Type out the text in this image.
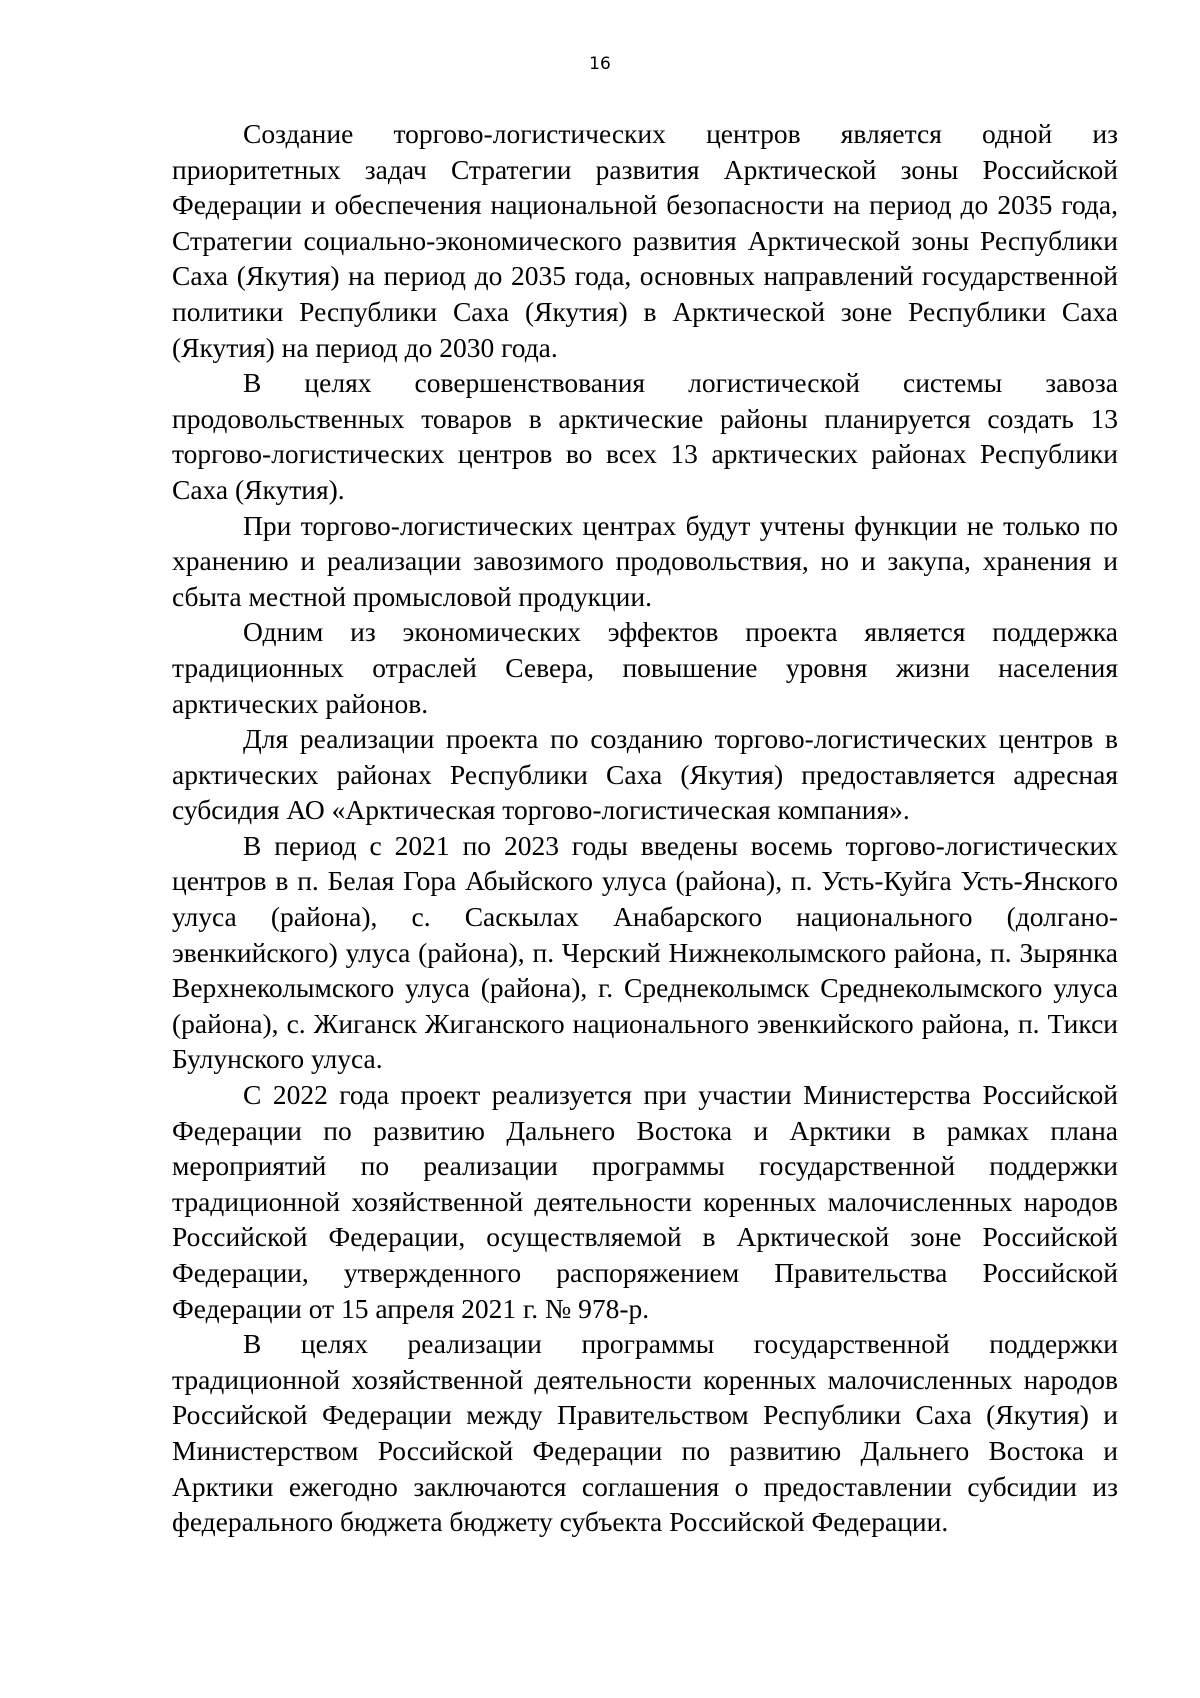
16

Создание торгово-логистических центров является одной из приоритетных задач Стратегии развития Арктической зоны Российской Федерации и обеспечения национальной безопасности на период до 2035 года, Стратегии социально-экономического развития Арктической зоны Республики Саха (Якутия) на период до 2035 года, основных направлений государственной политики Республики Саха (Якутия) в Арктической зоне Республики Саха (Якутия) на период до 2030 года.

В целях совершенствования логистической системы завоза продовольственных товаров в арктические районы планируется создать 13 торгово-логистических центров во всех 13 арктических районах Республики Саха (Якутия).

При торгово-логистических центрах будут учтены функции не только по хранению и реализации завозимого продовольствия, но и закупа, хранения и сбыта местной промысловой продукции.

Одним из экономических эффектов проекта является поддержка традиционных отраслей Севера, повышение уровня жизни населения арктических районов.

Для реализации проекта по созданию торгово-логистических центров в арктических районах Республики Саха (Якутия) предоставляется адресная субсидия АО «Арктическая торгово-логистическая компания».

В период с 2021 по 2023 годы введены восемь торгово-логистических центров в п. Белая Гора Абыйского улуса (района), п. Усть-Куйга Усть-Янского улуса (района), с. Саскылах Анабарского национального (долгано-эвенкийского) улуса (района), п. Черский Нижнеколымского района, п. Зырянка Верхнеколымского улуса (района), г. Среднеколымск Среднеколымского улуса (района), с. Жиганск Жиганского национального эвенкийского района, п. Тикси Булунского улуса.

С 2022 года проект реализуется при участии Министерства Российской Федерации по развитию Дальнего Востока и Арктики в рамках плана мероприятий по реализации программы государственной поддержки традиционной хозяйственной деятельности коренных малочисленных народов Российской Федерации, осуществляемой в Арктической зоне Российской Федерации, утвержденного распоряжением Правительства Российской Федерации от 15 апреля 2021 г. № 978-р.

В целях реализации программы государственной поддержки традиционной хозяйственной деятельности коренных малочисленных народов Российской Федерации между Правительством Республики Саха (Якутия) и Министерством Российской Федерации по развитию Дальнего Востока и Арктики ежегодно заключаются соглашения о предоставлении субсидии из федерального бюджета бюджету субъекта Российской Федерации.
